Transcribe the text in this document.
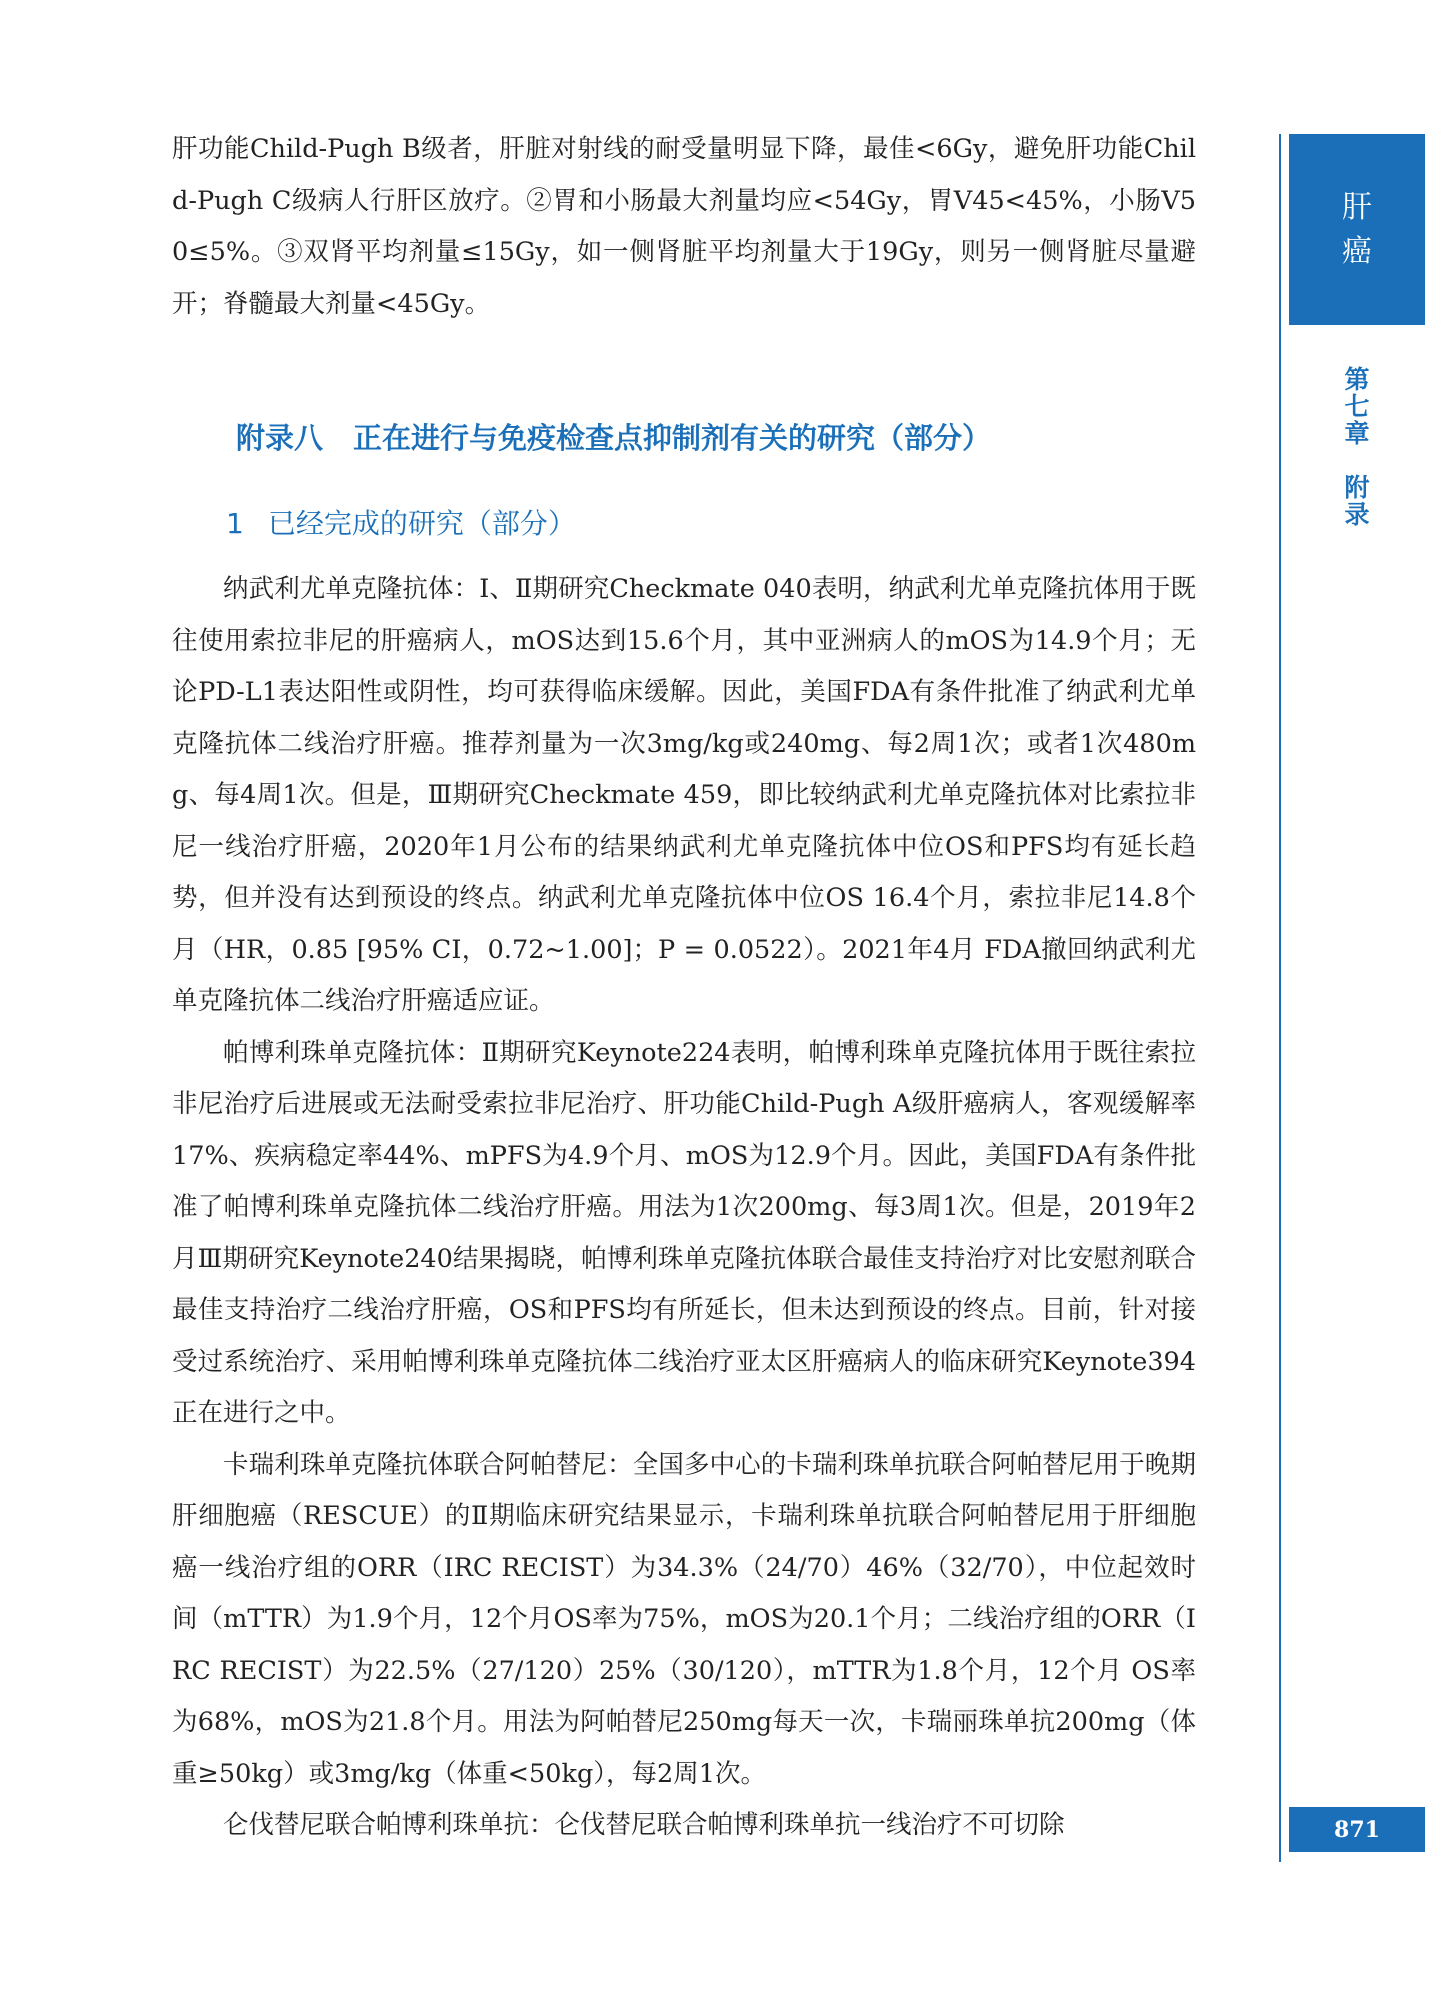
肝功能Child-Pugh B级者，肝脏对射线的耐受量明显下降，最佳<6Gy，避免肝功能Child-Pugh C级病人行肝区放疗。②胃和小肠最大剂量均应<54Gy，胃V45<45%，小肠V50≤5%。③双肾平均剂量≤15Gy，如一侧肾脏平均剂量大于19Gy，则另一侧肾脏尽量避开；脊髓最大剂量<45Gy。

附录八 正在进行与免疫检查点抑制剂有关的研究（部分）
1 已经完成的研究（部分）

纳武利尤单克隆抗体：Ⅰ、Ⅱ期研究Checkmate 040表明，纳武利尤单克隆抗体用于既往使用索拉非尼的肝癌病人，mOS达到15.6个月，其中亚洲病人的mOS为14.9个月；无论PD-L1表达阳性或阴性，均可获得临床缓解。因此，美国FDA有条件批准了纳武利尤单克隆抗体二线治疗肝癌。推荐剂量为一次3mg/kg或240mg、每2周1次；或者1次480mg、每4周1次。但是，Ⅲ期研究Checkmate 459，即比较纳武利尤单克隆抗体对比索拉非尼一线治疗肝癌，2020年1月公布的结果纳武利尤单克隆抗体中位OS和PFS均有延长趋势，但并没有达到预设的终点。纳武利尤单克隆抗体中位OS 16.4个月，索拉非尼14.8个月（HR，0.85 [95% CI，0.72~1.00]；P = 0.0522）。2021年4月 FDA撤回纳武利尤单克隆抗体二线治疗肝癌适应证。

帕博利珠单克隆抗体：Ⅱ期研究Keynote224表明，帕博利珠单克隆抗体用于既往索拉非尼治疗后进展或无法耐受索拉非尼治疗、肝功能Child-Pugh A级肝癌病人，客观缓解率17%、疾病稳定率44%、mPFS为4.9个月、mOS为12.9个月。因此，美国FDA有条件批准了帕博利珠单克隆抗体二线治疗肝癌。用法为1次200mg、每3周1次。但是，2019年2月Ⅲ期研究Keynote240结果揭晓，帕博利珠单克隆抗体联合最佳支持治疗对比安慰剂联合最佳支持治疗二线治疗肝癌，OS和PFS均有所延长，但未达到预设的终点。目前，针对接受过系统治疗、采用帕博利珠单克隆抗体二线治疗亚太区肝癌病人的临床研究Keynote394正在进行之中。

卡瑞利珠单克隆抗体联合阿帕替尼：全国多中心的卡瑞利珠单抗联合阿帕替尼用于晚期肝细胞癌（RESCUE）的Ⅱ期临床研究结果显示，卡瑞利珠单抗联合阿帕替尼用于肝细胞癌一线治疗组的ORR（IRC RECIST）为34.3%（24/70）46%（32/70），中位起效时间（mTTR）为1.9个月，12个月OS率为75%，mOS为20.1个月；二线治疗组的ORR（IRC RECIST）为22.5%（27/120）25%（30/120），mTTR为1.8个月，12个月 OS率为68%，mOS为21.8个月。用法为阿帕替尼250mg每天一次，卡瑞丽珠单抗200mg（体重≥50kg）或3mg/kg（体重<50kg），每2周1次。

仑伐替尼联合帕博利珠单抗：仑伐替尼联合帕博利珠单抗一线治疗不可切除

肝
癌
第
七
章
附
录
871
